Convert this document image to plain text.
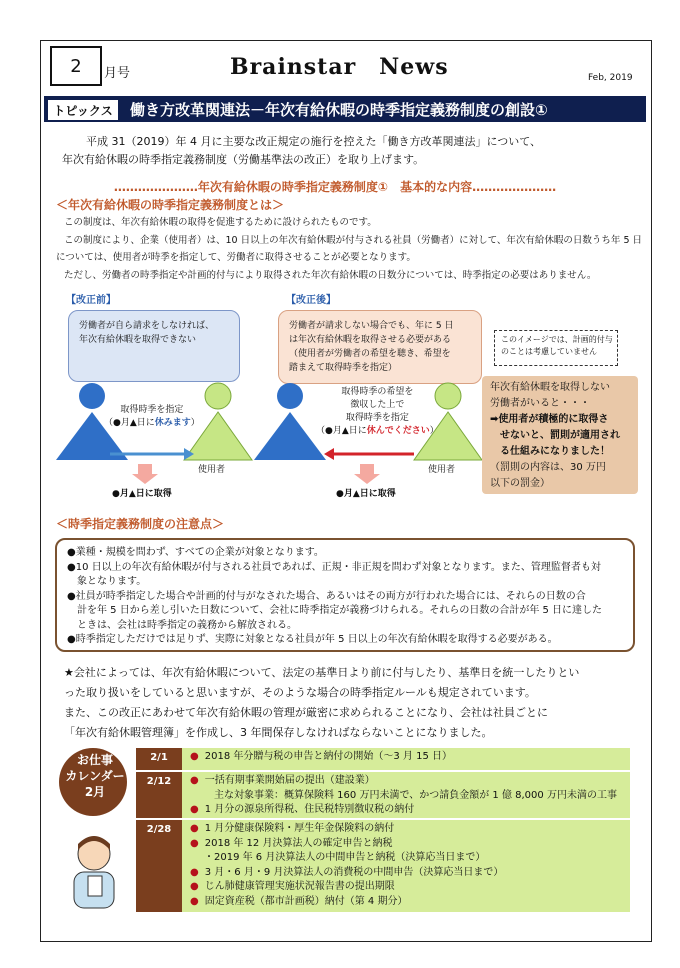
2	月号	Brainstar　News	Feb, 2019
トピックス	働き方改革関連法－年次有給休暇の時季指定義務制度の創設①
平成 31（2019）年 4 月に主要な改正規定の施行を控えた「働き方改革関連法」について、
年次有給休暇の時季指定義務制度（労働基準法の改正）を取り上げます。
…………………年次有給休暇の時季指定義務制度①　基本的な内容…………………
＜年次有給休暇の時季指定義務制度とは＞
この制度は、年次有給休暇の取得を促進するために設けられたものです。
この制度により、企業（使用者）は、10 日以上の年次有給休暇が付与される社員（労働者）に対して、年次有給休暇の日数うち年 5 日
については、使用者が時季を指定して、労働者に取得させることが必要となります。
ただし、労働者の時季指定や計画的付与により取得された年次有給休暇の日数分については、時季指定の必要はありません。
【改正前】	【改正後】
労働者が自ら請求をしなければ、
年次有給休暇を取得できない
労働者が請求しない場合でも、年に 5 日
は年次有給休暇を取得させる必要がある
（使用者が労働者の希望を聴き、希望を
踏まえて取得時季を指定）
このイメージでは、計画的付与
のことは考慮していません
取得時季を指定
（●月▲日に休みます）
取得時季の希望を
徴収した上で
取得時季を指定
（●月▲日に休んでください）
労働者	使用者	労働者	使用者
●月▲日に取得	●月▲日に取得
年次有給休暇を取得しない
労働者がいると・・・
➡使用者が積極的に取得さ
　せないと、罰則が適用され
　る仕組みになりました！
（罰則の内容は、30 万円
以下の罰金）
＜時季指定義務制度の注意点＞
●業種・規模を問わず、すべての企業が対象となります。
●10 日以上の年次有給休暇が付与される社員であれば、正規・非正規を問わず対象となります。また、管理監督者も対
　象となります。
●社員が時季指定した場合や計画的付与がなされた場合、あるいはその両方が行われた場合には、それらの日数の合
　計を年 5 日から差し引いた日数について、会社に時季指定が義務づけられる。それらの日数の合計が年 5 日に達した
　ときは、会社は時季指定の義務から解放される。
●時季指定しただけでは足りず、実際に対象となる社員が年 5 日以上の年次有給休暇を取得する必要がある。
★会社によっては、年次有給休暇について、法定の基準日より前に付与したり、基準日を統一したりとい
った取り扱いをしていると思いますが、そのような場合の時季指定ルールも規定されています。
また、この改正にあわせて年次有給休暇の管理が厳密に求められることになり、会社は社員ごとに
「年次有給休暇管理簿」を作成し、3 年間保存しなければならないことになりました。
お仕事
カレンダー
2月
2/1	● 2018 年分贈与税の申告と納付の開始（～3 月 15 日）
2/12	● 一括有期事業開始届の提出（建設業）
　主な対象事業：概算保険料 160 万円未満で、かつ請負金額が 1 億 8,000 万円未満の工事
● 1 月分の源泉所得税、住民税特別徴収税の納付
2/28	● 1 月分健康保険料・厚生年金保険料の納付
● 2018 年 12 月決算法人の確定申告と納税
・2019 年 6 月決算法人の中間申告と納税（決算応当日まで）
● 3 月・6 月・9 月決算法人の消費税の中間申告（決算応当日まで）
● じん肺健康管理実施状況報告書の提出期限
● 固定資産税（都市計画税）納付（第 4 期分）
